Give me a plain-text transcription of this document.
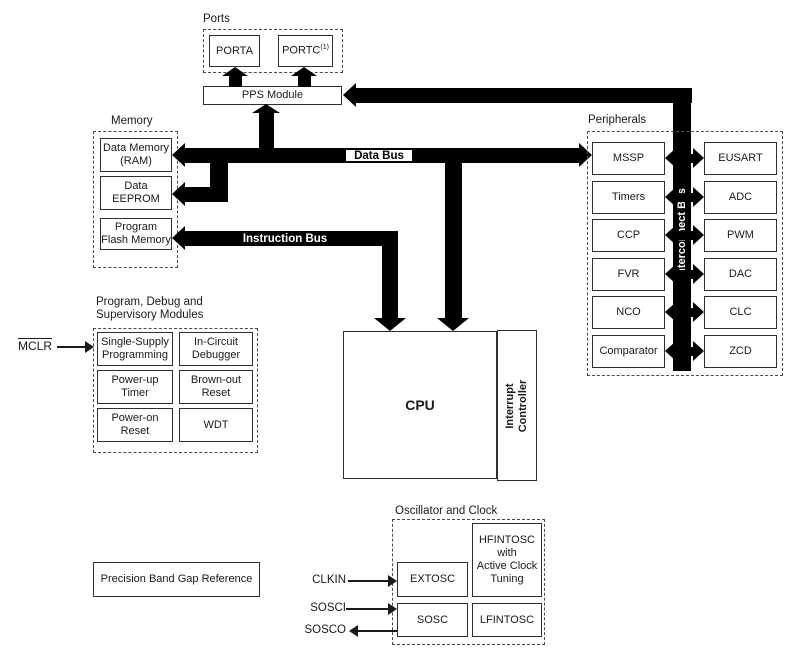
Ports
PORTA	PORTC$^{(1)}$
PPS Module
Memory
Data Memory
(RAM)
Data
EEPROM
Program
Flash Memory
Data Bus
Instruction Bus
Peripherals
MSSP
Timers
CCP
FVR
NCO
Comparator
EUSART
ADC
PWM
DAC
CLC
ZCD
Program, Debug and
Supervisory Modules
Single-Supply
Programming
In-Circuit
Debugger
Power-up
Timer
Brown-out
Reset
Power-on
Reset
WDT
MCLR
CPU	Interrupt
Controller
Oscillator and Clock
HFINTOSC
with
Active Clock
Tuning
EXTOSC
SOSC	LFINTOSC
CLKIN
SOSCI
SOSCO
Precision Band Gap Reference
